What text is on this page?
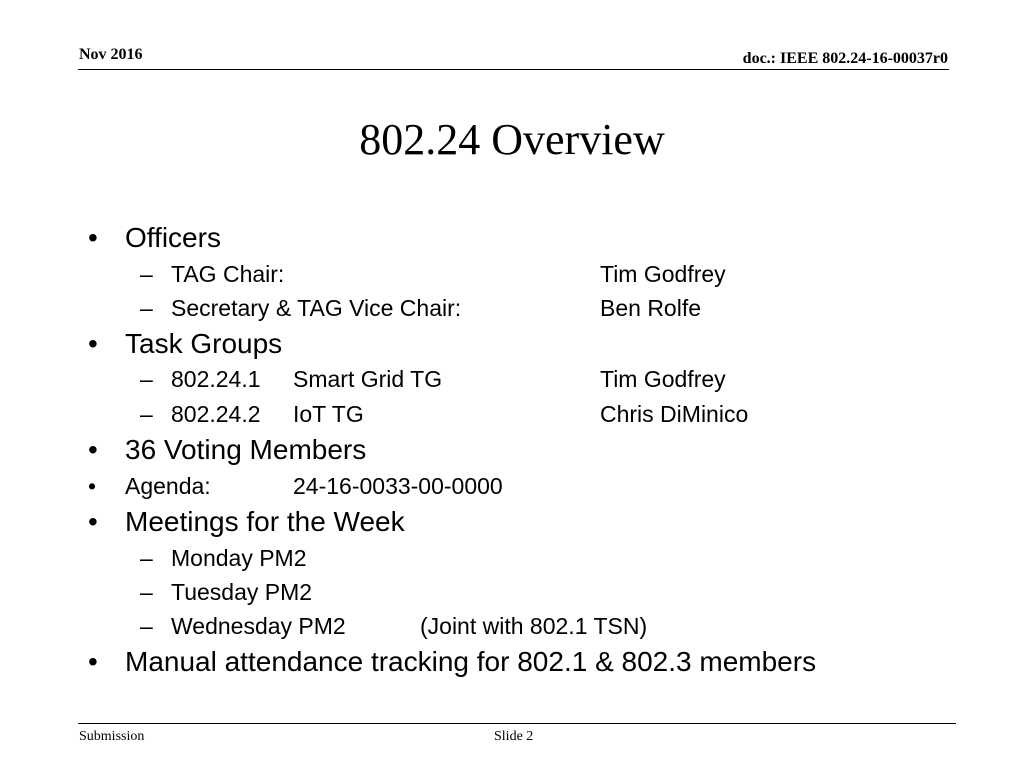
Nov 2016	doc.: IEEE 802.24-16-00037r0
802.24 Overview
• Officers
– TAG Chair:	Tim Godfrey
– Secretary & TAG Vice Chair:	Ben Rolfe
• Task Groups
– 802.24.1 Smart Grid TG	Tim Godfrey
– 802.24.2 IoT TG	Chris DiMinico
• 36 Voting Members
• Agenda:	24-16-0033-00-0000
• Meetings for the Week
– Monday PM2
– Tuesday PM2
– Wednesday PM2	(Joint with 802.1 TSN)
• Manual attendance tracking for 802.1 & 802.3 members
Submission	Slide 2
